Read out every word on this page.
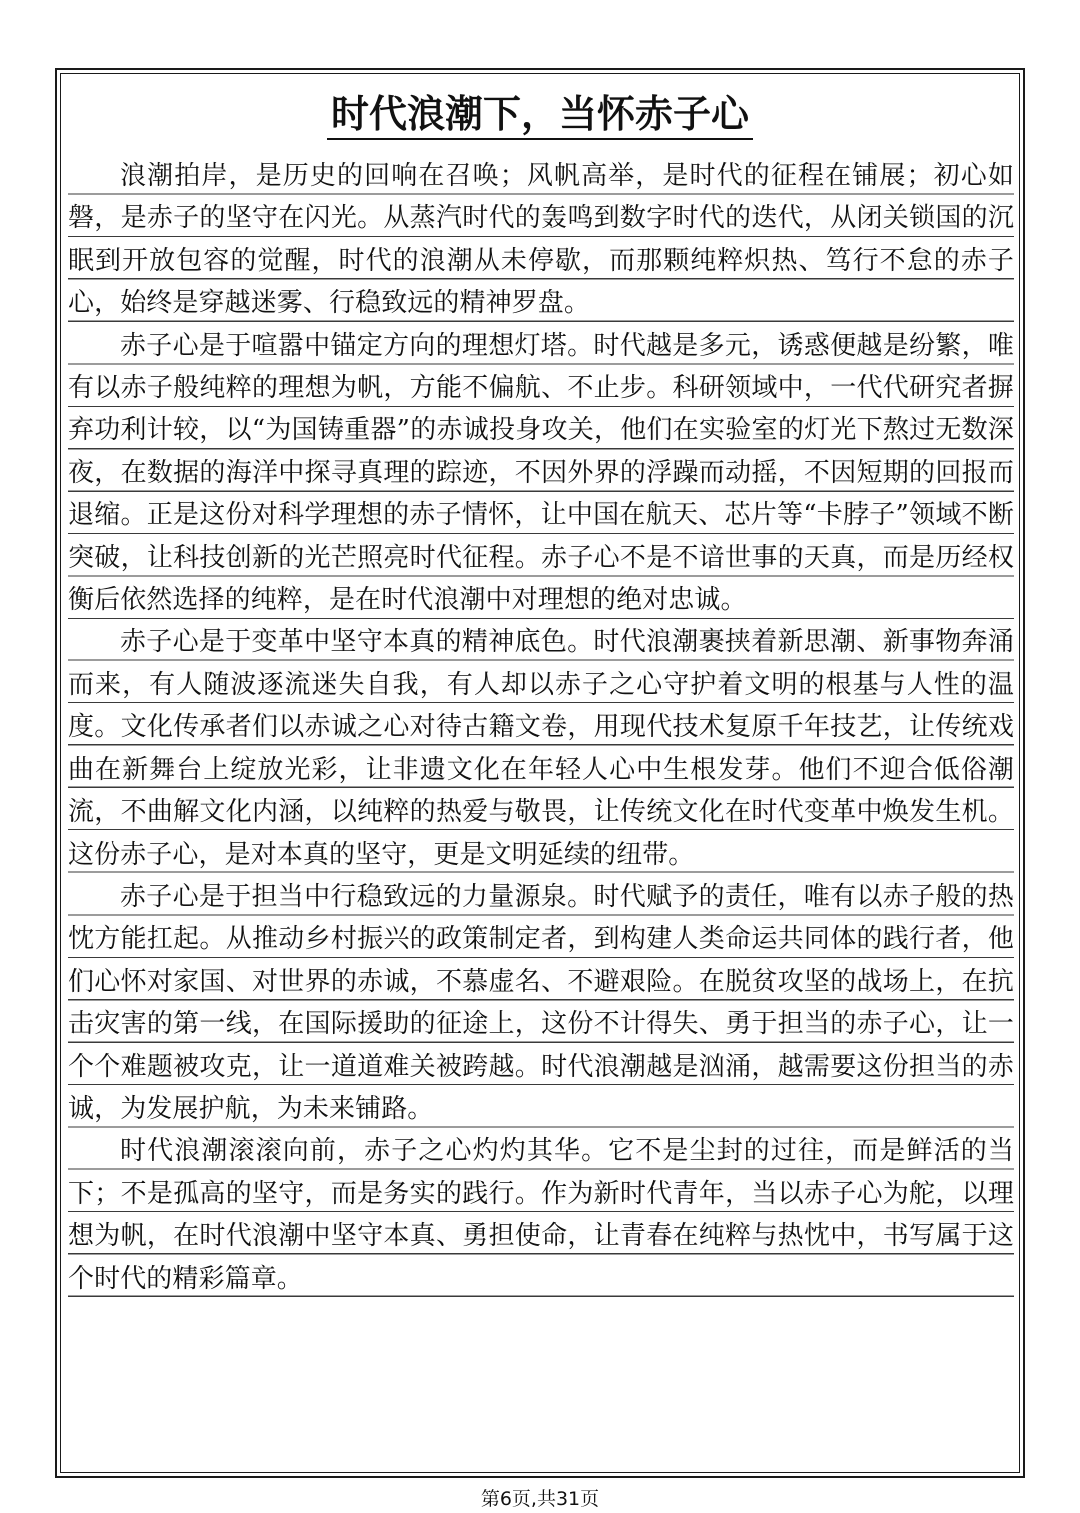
时代浪潮下，当怀赤子心

浪潮拍岸，是历史的回响在召唤；风帆高举，是时代的征程在铺展；初心如磐，是赤子的坚守在闪光。从蒸汽时代的轰鸣到数字时代的迭代，从闭关锁国的沉眠到开放包容的觉醒，时代的浪潮从未停歇，而那颗纯粹炽热、笃行不怠的赤子心，始终是穿越迷雾、行稳致远的精神罗盘。

赤子心是于喧嚣中锚定方向的理想灯塔。时代越是多元，诱惑便越是纷繁，唯有以赤子般纯粹的理想为帆，方能不偏航、不止步。科研领域中，一代代研究者摒弃功利计较，以“为国铸重器”的赤诚投身攻关，他们在实验室的灯光下熬过无数深夜，在数据的海洋中探寻真理的踪迹，不因外界的浮躁而动摇，不因短期的回报而退缩。正是这份对科学理想的赤子情怀，让中国在航天、芯片等“卡脖子”领域不断突破，让科技创新的光芒照亮时代征程。赤子心不是不谙世事的天真，而是历经权衡后依然选择的纯粹，是在时代浪潮中对理想的绝对忠诚。

赤子心是于变革中坚守本真的精神底色。时代浪潮裹挟着新思潮、新事物奔涌而来，有人随波逐流迷失自我，有人却以赤子之心守护着文明的根基与人性的温度。文化传承者们以赤诚之心对待古籍文卷，用现代技术复原千年技艺，让传统戏曲在新舞台上绽放光彩，让非遗文化在年轻人心中生根发芽。他们不迎合低俗潮流，不曲解文化内涵，以纯粹的热爱与敬畏，让传统文化在时代变革中焕发生机。这份赤子心，是对本真的坚守，更是文明延续的纽带。

赤子心是于担当中行稳致远的力量源泉。时代赋予的责任，唯有以赤子般的热忱方能扛起。从推动乡村振兴的政策制定者，到构建人类命运共同体的践行者，他们心怀对家国、对世界的赤诚，不慕虚名、不避艰险。在脱贫攻坚的战场上，在抗击灾害的第一线，在国际援助的征途上，这份不计得失、勇于担当的赤子心，让一个个难题被攻克，让一道道难关被跨越。时代浪潮越是汹涌，越需要这份担当的赤诚，为发展护航，为未来铺路。

时代浪潮滚滚向前，赤子之心灼灼其华。它不是尘封的过往，而是鲜活的当下；不是孤高的坚守，而是务实的践行。作为新时代青年，当以赤子心为舵，以理想为帆，在时代浪潮中坚守本真、勇担使命，让青春在纯粹与热忱中，书写属于这个时代的精彩篇章。

第6页,共31页
